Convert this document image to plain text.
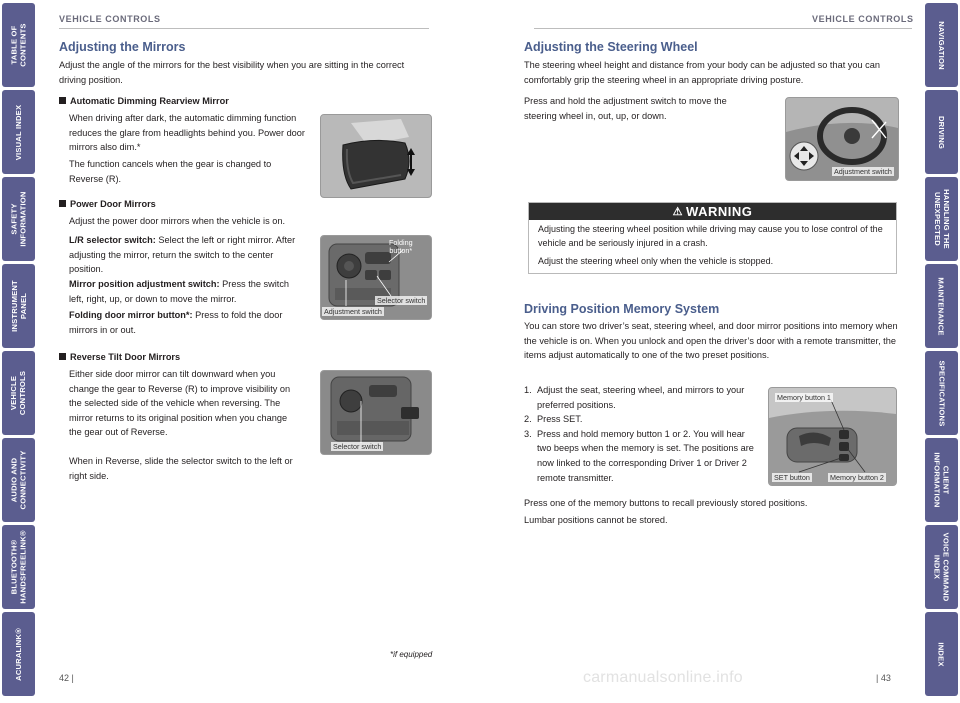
TABLE OF
CONTENTS
VISUAL INDEX
SAFETY
INFORMATION
INSTRUMENT
PANEL
VEHICLE
CONTROLS
AUDIO AND
CONNECTIVITY
BLUETOOTH®
HANDSFREELINK®
ACURALINK®
NAVIGATION
DRIVING
HANDLING THE
UNEXPECTED
MAINTENANCE
SPECIFICATIONS
CLIENT
INFORMATION
VOICE COMMAND
INDEX
INDEX
VEHICLE CONTROLS
Adjusting the Mirrors

Adjust the angle of the mirrors for the best visibility when you are sitting in the correct driving position.

Automatic Dimming Rearview Mirror

When driving after dark, the automatic dimming function reduces the glare from headlights behind you. Power door mirrors also dim.*

The function cancels when the gear is changed to Reverse (R).

Power Door Mirrors

Adjust the power door mirrors when the vehicle is on.

L/R selector switch: Select the left or right mirror. After adjusting the mirror, return the switch to the center position.

Mirror position adjustment switch: Press the switch left, right, up, or down to move the mirror.

Folding door mirror button*: Press to fold the door mirrors in or out.

Folding
button*
Selector switch
Adjustment switch
Reverse Tilt Door Mirrors

Either side door mirror can tilt downward when you change the gear to Reverse (R) to improve visibility on the selected side of the vehicle when reversing. The mirror returns to its original position when you change the gear out of Reverse.

When in Reverse, slide the selector switch to the left or right side.

Selector switch
*if equipped
42 |
VEHICLE CONTROLS
Adjusting the Steering Wheel

The steering wheel height and distance from your body can be adjusted so that you can comfortably grip the steering wheel in an appropriate driving posture.

Press and hold the adjustment switch to move the steering wheel in, out, up, or down.

Adjustment switch
⚠ WARNING

Adjusting the steering wheel position while driving may cause you to lose control of the vehicle and be seriously injured in a crash.

Adjust the steering wheel only when the vehicle is stopped.

Driving Position Memory System

You can store two driver’s seat, steering wheel, and door mirror positions into memory when the vehicle is on. When you unlock and open the driver’s door with a remote transmitter, the items adjust automatically to one of the two preset positions.

1. Adjust the seat, steering wheel, and mirrors to your preferred positions.
2. Press SET.
3. Press and hold memory button 1 or 2. You will hear two beeps when the memory is set. The positions are now linked to the corresponding Driver 1 or Driver 2 remote transmitter.

Press one of the memory buttons to recall previously stored positions.

Lumbar positions cannot be stored.

Memory button 1
SET button	Memory button 2
carmanualsonline.info	| 43
